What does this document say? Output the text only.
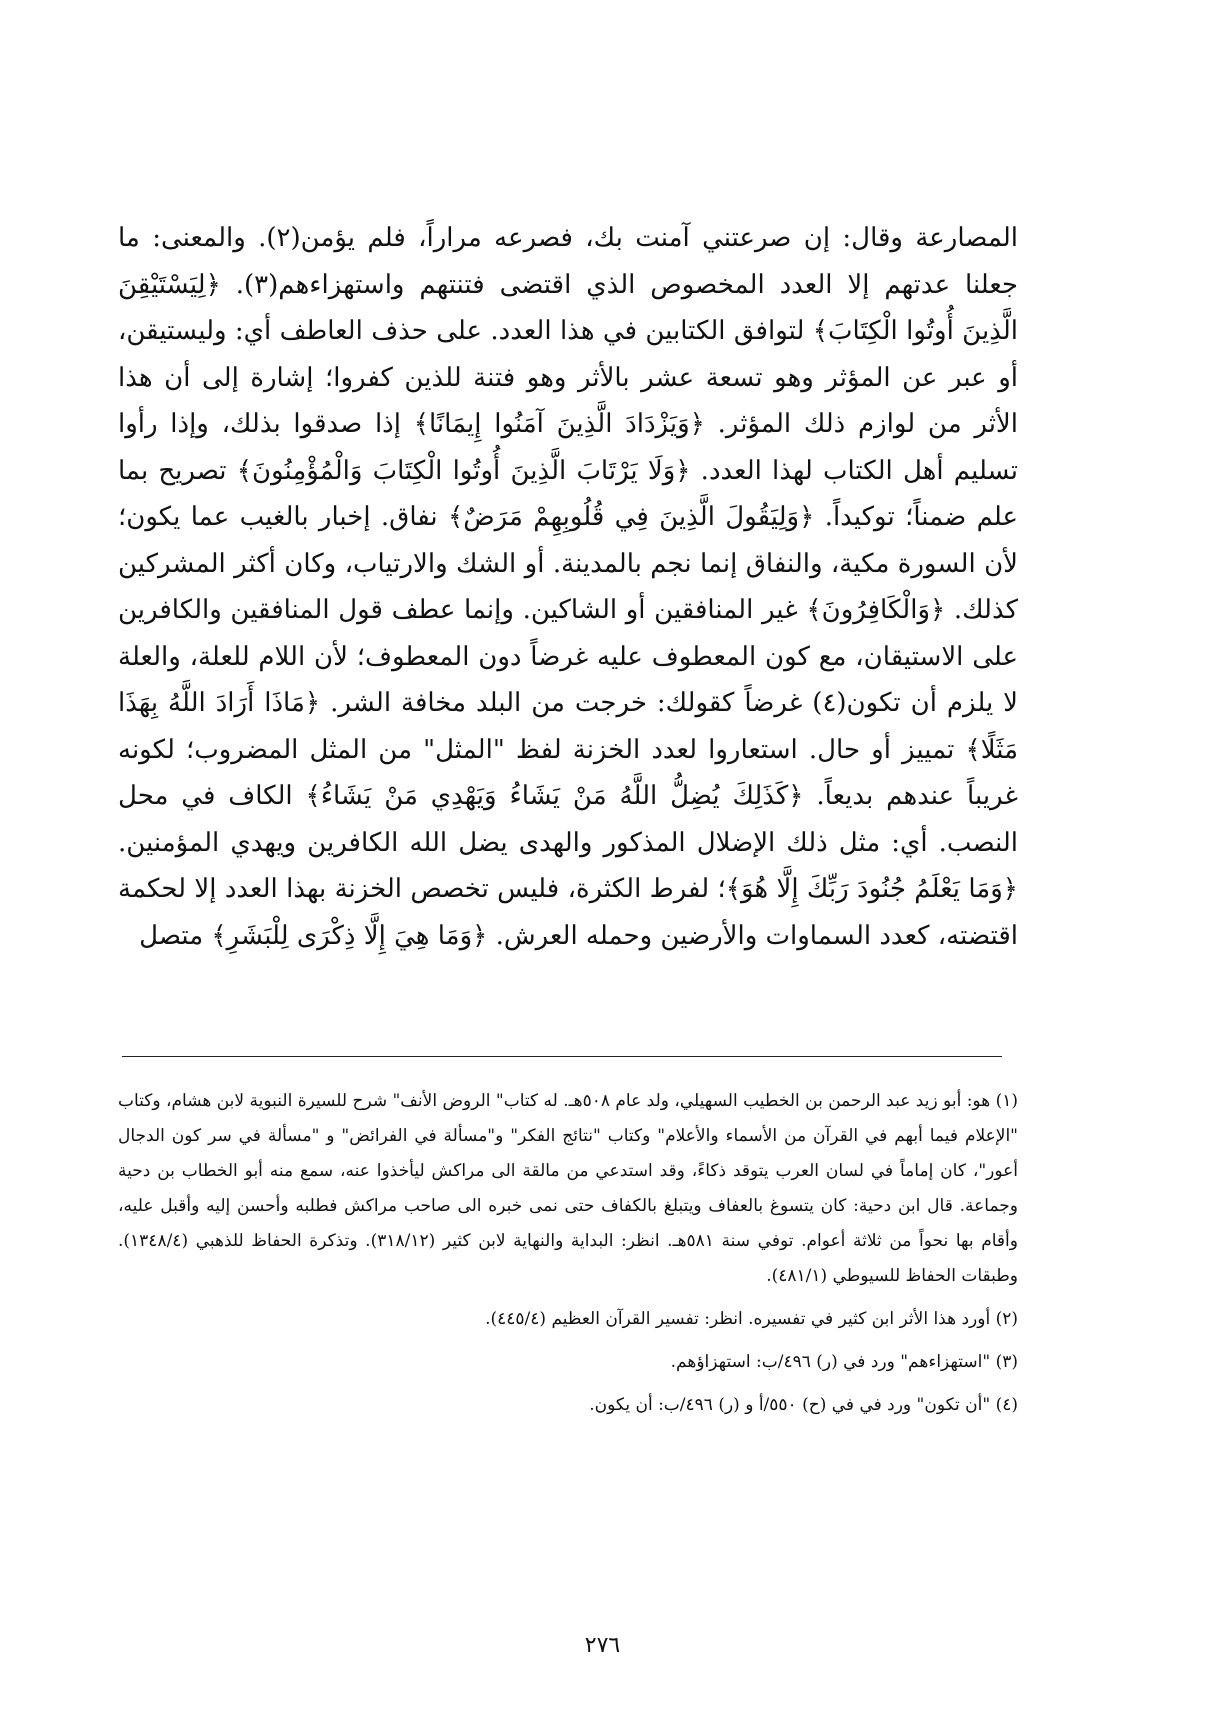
المصارعة وقال: إن صرعتني آمنت بك، فصرعه مراراً، فلم يؤمن(٢). والمعنى: ما جعلنا عدتهم إلا العدد المخصوص الذي اقتضى فتنتهم واستهزاءهم(٣). ﴿لِيَسْتَيْقِنَ الَّذِينَ أُوتُوا الْكِتَابَ﴾ لتوافق الكتابين في هذا العدد. على حذف العاطف أي: وليستيقن، أو عبر عن المؤثر وهو تسعة عشر بالأثر وهو فتنة للذين كفروا؛ إشارة إلى أن هذا الأثر من لوازم ذلك المؤثر. ﴿وَيَزْدَادَ الَّذِينَ آمَنُوا إِيمَانًا﴾ إذا صدقوا بذلك، وإذا رأوا تسليم أهل الكتاب لهذا العدد. ﴿وَلَا يَرْتَابَ الَّذِينَ أُوتُوا الْكِتَابَ وَالْمُؤْمِنُونَ﴾ تصريح بما علم ضمناً؛ توكيداً. ﴿وَلِيَقُولَ الَّذِينَ فِي قُلُوبِهِمْ مَرَضٌ﴾ نفاق. إخبار بالغيب عما يكون؛ لأن السورة مكية، والنفاق إنما نجم بالمدينة. أو الشك والارتياب، وكان أكثر المشركين كذلك. ﴿وَالْكَافِرُونَ﴾ غير المنافقين أو الشاكين. وإنما عطف قول المنافقين والكافرين على الاستيقان، مع كون المعطوف عليه غرضاً دون المعطوف؛ لأن اللام للعلة، والعلة لا يلزم أن تكون(٤) غرضاً كقولك: خرجت من البلد مخافة الشر. ﴿مَاذَا أَرَادَ اللَّهُ بِهَذَا مَثَلًا﴾ تمييز أو حال. استعاروا لعدد الخزنة لفظ "المثل" من المثل المضروب؛ لكونه غريباً عندهم بديعاً. ﴿كَذَلِكَ يُضِلُّ اللَّهُ مَنْ يَشَاءُ وَيَهْدِي مَنْ يَشَاءُ﴾ الكاف في محل النصب. أي: مثل ذلك الإضلال المذكور والهدى يضل الله الكافرين ويهدي المؤمنين. ﴿وَمَا يَعْلَمُ جُنُودَ رَبِّكَ إِلَّا هُوَ﴾؛ لفرط الكثرة، فليس تخصص الخزنة بهذا العدد إلا لحكمة اقتضته، كعدد السماوات والأرضين وحمله العرش. ﴿وَمَا هِيَ إِلَّا ذِكْرَى لِلْبَشَرِ﴾ متصل

(١) هو: أبو زيد عبد الرحمن بن الخطيب السهيلي، ولد عام ٥٠٨هـ. له كتاب" الروض الأنف" شرح للسيرة النبوية لابن هشام، وكتاب "الإعلام فيما أبهم في القرآن من الأسماء والأعلام" وكتاب "نتائج الفكر" و"مسألة في الفرائض" و "مسألة في سر كون الدجال أعور"، كان إماماً في لسان العرب يتوقد ذكاءً، وقد استدعي من مالقة الى مراكش ليأخذوا عنه، سمع منه أبو الخطاب بن دحية وجماعة. قال ابن دحية: كان يتسوغ بالعفاف ويتبلغ بالكفاف حتى نمى خبره الى صاحب مراكش فطلبه وأحسن إليه وأقبل عليه، وأقام بها نحواً من ثلاثة أعوام. توفي سنة ٥٨١هـ. انظر: البداية والنهاية لابن كثير (٣١٨/١٢). وتذكرة الحفاظ للذهبي (١٣٤٨/٤). وطبقات الحفاظ للسيوطي (٤٨١/١).

(٢) أورد هذا الأثر ابن كثير في تفسيره. انظر: تفسير القرآن العظيم (٤٤٥/٤).

(٣) "استهزاءهم" ورد في (ر) ٤٩٦/ب: استهزاؤهم.

(٤) "أن تكون" ورد في في (ح) ٥٥٠/أ و (ر) ٤٩٦/ب: أن يكون.

٢٧٦
